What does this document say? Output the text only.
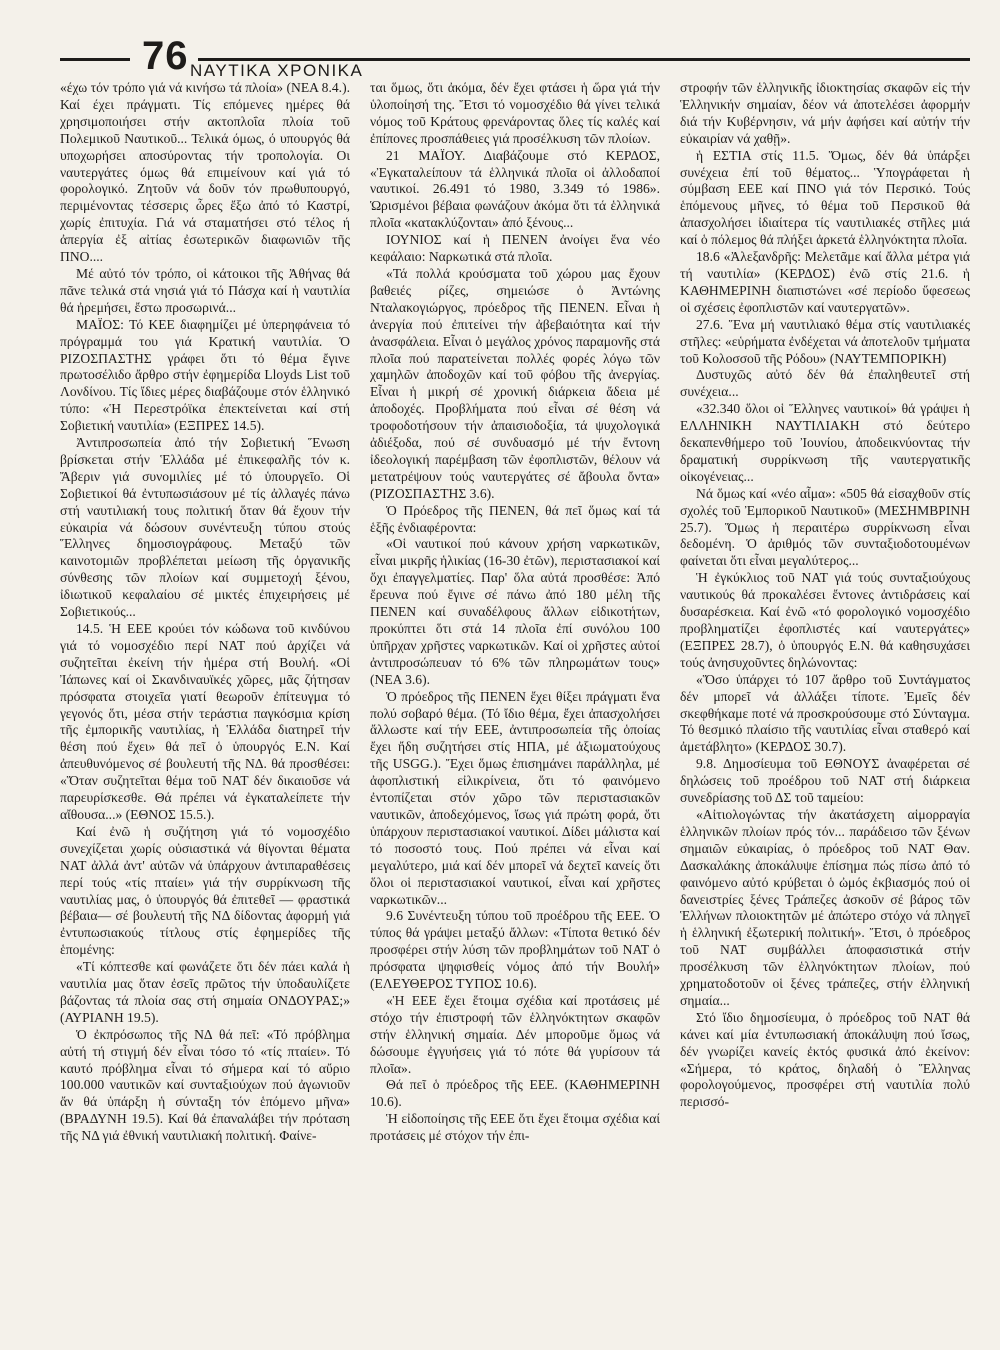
76 ΝΑΥΤΙΚΑ ΧΡΟΝΙΚΑ

«έχω τόν τρόπο γιά νά κινήσω τά πλοία» (ΝΕΑ 8.4.). Καί έχει πράγματι. Τίς επόμενες ημέρες θά χρησιμοποιήσει στήν ακτοπλοΐα πλοία τοῦ Πολεμικοῦ Ναυτικοῦ... Τελικά όμως, ό υπουργός θά υποχωρήσει αποσύροντας τήν τροπολογία. Οι ναυτεργάτες όμως θά επιμείνουν καί γιά τό φορολογικό. Ζητοῦν νά δοῦν τόν πρωθυπουργό, περιμένοντας τέσσερις ὧρες ἔξω ἀπό τό Καστρί, χωρίς ἐπιτυχία. Γιά νά σταματήσει στό τέλος ή ἀπεργία ἐξ αἰτίας ἐσωτερικῶν διαφωνιῶν τῆς ΠΝΟ....

Μέ αὐτό τόν τρόπο, οἱ κάτοικοι τῆς Ἀθήνας θά πᾶνε τελικά στά νησιά γιά τό Πάσχα καί ἡ ναυτιλία θά ἠρεμήσει, ἔστω προσωρινά...

ΜΑΪΟΣ: Τό ΚΕΕ διαφημίζει μέ ὑπερηφάνεια τό πρόγραμμά του γιά Κρατική ναυτιλία. Ὁ ΡΙΖΟΣΠΑΣΤΗΣ γράφει ὅτι τό θέμα ἔγινε πρωτοσέλιδο ἄρθρο στήν ἐφημερίδα Lloyds List τοῦ Λονδίνου. Τίς ἴδιες μέρες διαβάζουμε στόν ἑλληνικό τύπο: «Ἡ Περεστρόϊκα ἐπεκτείνεται καί στή Σοβιετική ναυτιλία» (ΕΞΠΡΕΣ 14.5).

Ἀντιπροσωπεία ἀπό τήν Σοβιετική Ἕνωση βρίσκεται στήν Ἑλλάδα μέ ἐπικεφαλῆς τόν κ. Ἄβεριν γιά συνομιλίες μέ τό ὑπουργεῖο. Οἱ Σοβιετικοί θά ἐντυπωσιάσουν μέ τίς ἀλλαγές πάνω στή ναυτιλιακή τους πολιτική ὅταν θά ἔχουν τήν εὐκαιρία νά δώσουν συνέντευξη τύπου στούς Ἕλληνες δημοσιογράφους. Μεταξύ τῶν καινοτομιῶν προβλέπεται μείωση τῆς ὀργανικῆς σύνθεσης τῶν πλοίων καί συμμετοχή ξένου, ἰδιωτικοῦ κεφαλαίου σέ μικτές ἐπιχειρήσεις μέ Σοβιετικούς...

14.5. Ἡ ΕΕΕ κρούει τόν κώδωνα τοῦ κινδύνου γιά τό νομοσχέδιο περί ΝΑΤ πού ἀρχίζει νά συζητεῖται ἐκείνη τήν ἡμέρα στή Βουλή. «Οἱ Ἰάπωνες καί οἱ Σκανδιναυϊκές χῶρες, μᾶς ζήτησαν πρόσφατα στοιχεῖα γιατί θεωροῦν ἐπίτευγμα τό γεγονός ὅτι, μέσα στήν τεράστια παγκόσμια κρίση τῆς ἐμπορικῆς ναυτιλίας, ἡ Ἑλλάδα διατηρεῖ τήν θέση πού ἔχει» θά πεῖ ὁ ὑπουργός Ε.Ν. Καί ἀπευθυνόμενος σέ βουλευτή τῆς ΝΔ. θά προσθέσει: «Ὅταν συζητεῖται θέμα τοῦ ΝΑΤ δέν δικαιοῦσε νά παρευρίσκεσθε. Θά πρέπει νά ἐγκαταλείπετε τήν αἴθουσα...» (ΕΘΝΟΣ 15.5.).

Καί ἐνῶ ἡ συζήτηση γιά τό νομοσχέδιο συνεχίζεται χωρίς οὐσιαστικά νά θίγονται θέματα ΝΑΤ ἀλλά ἀντ' αὐτῶν νά ὑπάρχουν ἀντιπαραθέσεις περί τούς «τίς πταίει» γιά τήν συρρίκνωση τῆς ναυτιλίας μας, ὁ ὑπουργός θά ἐπιτεθεῖ — φραστικά βέβαια— σέ βουλευτή τῆς ΝΔ δίδοντας ἀφορμή γιά ἐντυπωσιακούς τίτλους στίς ἐφημερίδες τῆς ἑπομένης:

«Τί κόπτεσθε καί φωνάζετε ὅτι δέν πάει καλά ἡ ναυτιλία μας ὅταν ἐσεῖς πρῶτος τήν ὑποδαυλίζετε βάζοντας τά πλοία σας στή σημαία ΟΝΔΟΥΡΑΣ;» (ΑΥΡΙΑΝΗ 19.5).

Ὁ ἐκπρόσωπος τῆς ΝΔ θά πεῖ: «Τό πρόβλημα αὐτή τή στιγμή δέν εἶναι τόσο τό «τίς πταίει». Τό καυτό πρόβλημα εἶναι τό σήμερα καί τό αὔριο 100.000 ναυτικῶν καί συνταξιούχων πού ἀγωνιοῦν ἄν θά ὑπάρξη ἡ σύνταξη τόν ἑπόμενο μῆνα» (ΒΡΑΔΥΝΗ 19.5). Καί θά ἐπαναλάβει τήν πρόταση τῆς ΝΔ γιά ἐθνική ναυτιλιακή πολιτική. Φαίνε-

ται ὅμως, ὅτι ἀκόμα, δέν ἔχει φτάσει ἡ ὥρα γιά τήν ὑλοποίησή της. Ἔτσι τό νομοσχέδιο θά γίνει τελικά νόμος τοῦ Κράτους φρενάροντας ὅλες τίς καλές καί ἐπίπονες προσπάθειες γιά προσέλκυση τῶν πλοίων.

21 ΜΑΪΟΥ. Διαβάζουμε στό ΚΕΡΔΟΣ, «Ἐγκαταλείπουν τά ἑλληνικά πλοῖα οἱ ἀλλοδαποί ναυτικοί. 26.491 τό 1980, 3.349 τό 1986». Ὡρισμένοι βέβαια φωνάζουν ἀκόμα ὅτι τά ἑλληνικά πλοῖα «κατακλύζονται» ἀπό ξένους...

ΙΟΥΝΙΟΣ καί ἡ ΠΕΝΕΝ ἀνοίγει ἕνα νέο κεφάλαιο: Ναρκωτικά στά πλοῖα.

«Τά πολλά κρούσματα τοῦ χώρου μας ἔχουν βαθειές ρίζες, σημειώσε ὁ Ἀντώνης Νταλακογιώργος, πρόεδρος τῆς ΠΕΝΕΝ. Εἶναι ἡ ἀνεργία πού ἐπιτείνει τήν ἀβεβαιότητα καί τήν ἀνασφάλεια. Εἶναι ὁ μεγάλος χρόνος παραμονῆς στά πλοῖα πού παρατείνεται πολλές φορές λόγω τῶν χαμηλῶν ἀποδοχῶν καί τοῦ φόβου τῆς ἀνεργίας. Εἶναι ἡ μικρή σέ χρονική διάρκεια ἄδεια μέ ἀποδοχές. Προβλήματα πού εἶναι σέ θέση νά τροφοδοτήσουν τήν ἀπαισιοδοξία, τά ψυχολογικά ἀδιέξοδα, πού σέ συνδυασμό μέ τήν ἔντονη ἰδεολογική παρέμβαση τῶν ἐφοπλιστῶν, θέλουν νά μετατρέψουν τούς ναυτεργάτες σέ ἄβουλα ὄντα» (ΡΙΖΟΣΠΑΣΤΗΣ 3.6).

Ὁ Πρόεδρος τῆς ΠΕΝΕΝ, θά πεῖ ὅμως καί τά ἑξῆς ἐνδιαφέροντα:

«Οἱ ναυτικοί πού κάνουν χρήση ναρκωτικῶν, εἶναι μικρῆς ἡλικίας (16-30 ἐτῶν), περιστασιακοί καί ὄχι ἐπαγγελματίες. Παρ' ὅλα αὐτά προσθέσε: Ἀπό ἔρευνα πού ἔγινε σέ πάνω ἀπό 180 μέλη τῆς ΠΕΝΕΝ καί συναδέλφους ἄλλων εἰδικοτήτων, προκύπτει ὅτι στά 14 πλοῖα ἐπί συνόλου 100 ὑπῆρχαν χρῆστες ναρκωτικῶν. Καί οἱ χρῆστες αὐτοί ἀντιπροσώπευαν τό 6% τῶν πληρωμάτων τους» (ΝΕΑ 3.6).

Ὁ πρόεδρος τῆς ΠΕΝΕΝ ἔχει θίξει πράγματι ἕνα πολύ σοβαρό θέμα. (Τό ἴδιο θέμα, ἔχει ἀπασχολήσει ἄλλωστε καί τήν ΕΕΕ, ἀντιπροσωπεία τῆς ὁποίας ἔχει ἤδη συζητήσει στίς ΗΠΑ, μέ ἀξιωματούχους τῆς USGG.). Ἔχει ὅμως ἐπισημάνει παράλληλα, μέ ἀφοπλιστική εἰλικρίνεια, ὅτι τό φαινόμενο ἐντοπίζεται στόν χῶρο τῶν περιστασιακῶν ναυτικῶν, ἀποδεχόμενος, ἴσως γιά πρώτη φορά, ὅτι ὑπάρχουν περιστασιακοί ναυτικοί. Δίδει μάλιστα καί τό ποσοστό τους. Πού πρέπει νά εἶναι καί μεγαλύτερο, μιά καί δέν μπορεῖ νά δεχτεῖ κανείς ὅτι ὅλοι οἱ περιστασιακοί ναυτικοί, εἶναι καί χρῆστες ναρκωτικῶν...

9.6 Συνέντευξη τύπου τοῦ προέδρου τῆς ΕΕΕ. Ὁ τύπος θά γράψει μεταξύ ἄλλων: «Τίποτα θετικό δέν προσφέρει στήν λύση τῶν προβλημάτων τοῦ ΝΑΤ ὁ πρόσφατα ψηφισθείς νόμος ἀπό τήν Βουλή» (ΕΛΕΥΘΕΡΟΣ ΤΥΠΟΣ 10.6).

«Ἡ ΕΕΕ ἔχει ἕτοιμα σχέδια καί προτάσεις μέ στόχο τήν ἐπιστροφή τῶν ἑλληνόκτητων σκαφῶν στήν ἑλληνική σημαία. Δέν μποροῦμε ὅμως νά δώσουμε ἐγγυήσεις γιά τό πότε θά γυρίσουν τά πλοῖα».

Θά πεῖ ὁ πρόεδρος τῆς ΕΕΕ. (ΚΑΘΗΜΕΡΙΝΗ 10.6).

Ἡ εἰδοποίησις τῆς ΕΕΕ ὅτι ἔχει ἕτοιμα σχέδια καί προτάσεις μέ στόχον τήν ἐπι-

στροφήν τῶν ἑλληνικῆς ἰδιοκτησίας σκαφῶν εἰς τήν Ἑλληνικήν σημαίαν, δέον νά ἀποτελέσει ἀφορμήν διά τήν Κυβέρνησιν, νά μήν ἀφήσει καί αὐτήν τήν εὐκαιρίαν νά χαθῇ».

ἡ ΕΣΤΙΑ στίς 11.5. Ὅμως, δέν θά ὑπάρξει συνέχεια ἐπί τοῦ θέματος... Ὑπογράφεται ἡ σύμβαση ΕΕΕ καί ΠΝΟ γιά τόν Περσικό. Τούς ἑπόμενους μῆνες, τό θέμα τοῦ Περσικοῦ θά ἀπασχολήσει ἰδιαίτερα τίς ναυτιλιακές στῆλες μιά καί ὁ πόλεμος θά πλήξει ἀρκετά ἑλληνόκτητα πλοῖα.

18.6 «Ἀλεξανδρῆς: Μελετᾶμε καί ἄλλα μέτρα γιά τή ναυτιλία» (ΚΕΡΔΟΣ) ἐνῶ στίς 21.6. ἡ ΚΑΘΗΜΕΡΙΝΗ διαπιστώνει «σέ περίοδο ὕφεσεως οἱ σχέσεις ἐφοπλιστῶν καί ναυτεργατῶν».

27.6. Ἕνα μή ναυτιλιακό θέμα στίς ναυτιλιακές στῆλες: «εὑρήματα ἐνδέχεται νά ἀποτελοῦν τμήματα τοῦ Κολοσσοῦ τῆς Ρόδου» (ΝΑΥΤΕΜΠΟΡΙΚΗ)

Δυστυχῶς αὐτό δέν θά ἐπαληθευτεῖ στή συνέχεια...

«32.340 ὅλοι οἱ Ἕλληνες ναυτικοί» θά γράψει ἡ ΕΛΛΗΝΙΚΗ ΝΑΥΤΙΛΙΑΚΗ στό δεύτερο δεκαπενθήμερο τοῦ Ἰουνίου, ἀποδεικνύοντας τήν δραματική συρρίκνωση τῆς ναυτεργατικῆς οἰκογένειας...

Νά ὅμως καί «νέο αἷμα»: «505 θά εἰσαχθοῦν στίς σχολές τοῦ Ἐμπορικοῦ Ναυτικοῦ» (ΜΕΣΗΜΒΡΙΝΗ 25.7). Ὅμως ἡ περαιτέρω συρρίκνωση εἶναι δεδομένη. Ὁ ἀριθμός τῶν συνταξιοδοτουμένων φαίνεται ὅτι εἶναι μεγαλύτερος...

Ἡ ἐγκύκλιος τοῦ ΝΑΤ γιά τούς συνταξιούχους ναυτικούς θά προκαλέσει ἔντονες ἀντιδράσεις καί δυσαρέσκεια. Καί ἐνῶ «τό φορολογικό νομοσχέδιο προβληματίζει ἐφοπλιστές καί ναυτεργάτες» (ΕΞΠΡΕΣ 28.7), ὁ ὑπουργός Ε.Ν. θά καθησυχάσει τούς ἀνησυχοῦντες δηλώνοντας:

«Ὅσο ὑπάρχει τό 107 ἄρθρο τοῦ Συντάγματος δέν μπορεῖ νά ἀλλάξει τίποτε. Ἐμεῖς δέν σκεφθήκαμε ποτέ νά προσκρούσουμε στό Σύνταγμα. Τό θεσμικό πλαίσιο τῆς ναυτιλίας εἶναι σταθερό καί ἀμετάβλητο» (ΚΕΡΔΟΣ 30.7).

9.8. Δημοσίευμα τοῦ ΕΘΝΟΥΣ ἀναφέρεται σέ δηλώσεις τοῦ προέδρου τοῦ ΝΑΤ στή διάρκεια συνεδρίασης τοῦ ΔΣ τοῦ ταμείου:

«Αἰτιολογώντας τήν ἀκατάσχετη αἱμορραγία ἑλληνικῶν πλοίων πρός τόν... παράδεισο τῶν ξένων σημαιῶν εὐκαιρίας, ὁ πρόεδρος τοῦ ΝΑΤ Θαν. Δασκαλάκης ἀποκάλυψε ἐπίσημα πώς πίσω ἀπό τό φαινόμενο αὐτό κρύβεται ὁ ὠμός ἐκβιασμός πού οἱ δανειστρίες ξένες Τράπεζες ἀσκοῦν σέ βάρος τῶν Ἑλλήνων πλοιοκτητῶν μέ ἀπώτερο στόχο νά πληγεῖ ἡ ἑλληνική ἐξωτερική πολιτική». Ἔτσι, ὁ πρόεδρος τοῦ ΝΑΤ συμβάλλει ἀποφασιστικά στήν προσέλκυση τῶν ἑλληνόκτητων πλοίων, πού χρηματοδοτοῦν οἱ ξένες τράπεζες, στήν ἑλληνική σημαία...

Στό ἴδιο δημοσίευμα, ὁ πρόεδρος τοῦ ΝΑΤ θά κάνει καί μία ἐντυπωσιακή ἀποκάλυψη πού ἴσως, δέν γνωρίζει κανείς ἐκτός φυσικά ἀπό ἐκείνον: «Σήμερα, τό κράτος, δηλαδή ὁ Ἕλληνας φορολογούμενος, προσφέρει στή ναυτιλία πολύ περισσό-
